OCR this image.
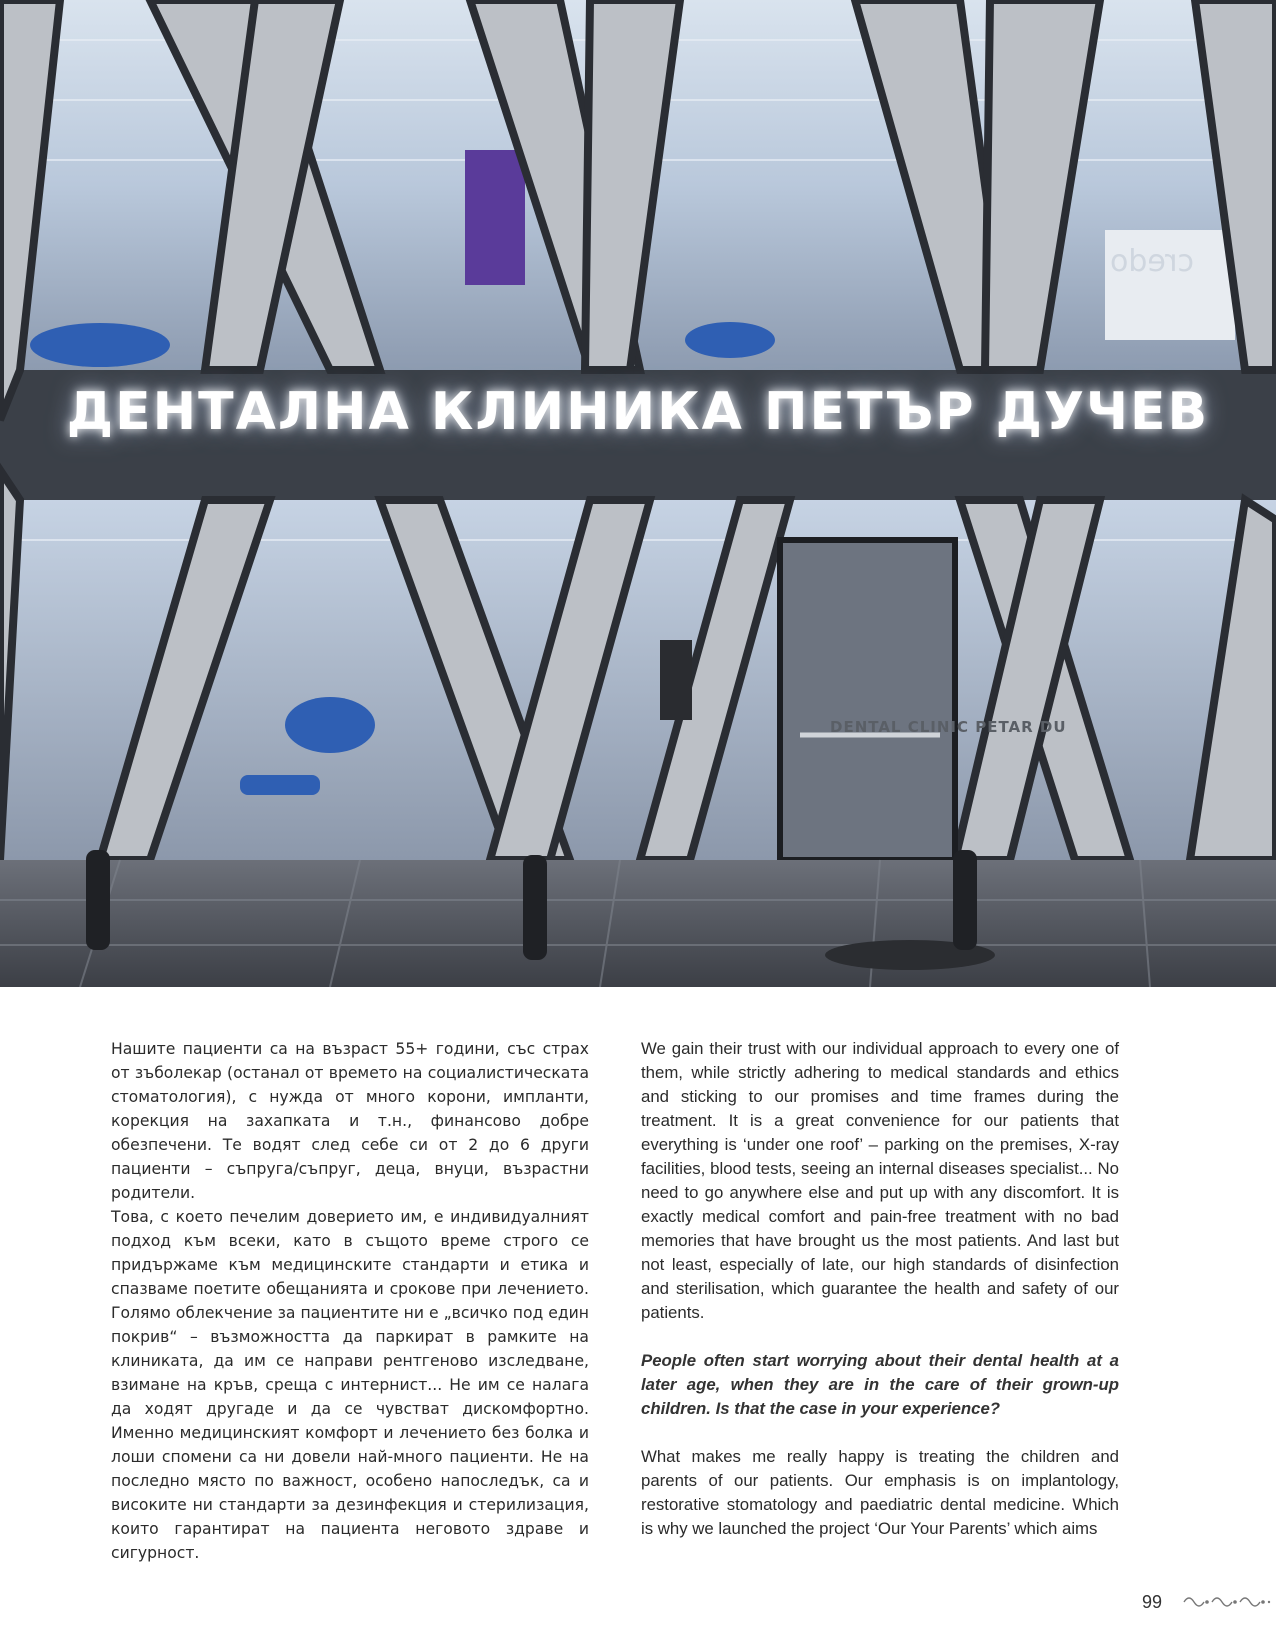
ДЕНТАЛНА КЛИНИКА ПЕТЪР ДУЧЕВ
credo
DENTAL CLINIC PETAR DU

Нашите пациенти са на възраст 55+ години, със страх от зъболекар (останал от времето на социалистическата стоматология), с нужда от много корони, импланти, корекция на захапката и т.н., финансово добре обезпечени. Те водят след себе си от 2 до 6 други пациенти – съпруга/съпруг, деца, внуци, възрастни родители.

Това, с което печелим доверието им, е индивидуалният подход към всеки, като в същото време строго се придържаме към медицинските стандарти и етика и спазваме поетите обещанията и срокове при лечението. Голямо облекчение за пациентите ни е „всичко под един покрив“ – възможността да паркират в рамките на клиниката, да им се направи рентгеново изследване, взимане на кръв, среща с интернист... Не им се налага да ходят другаде и да се чувстват дискомфортно. Именно медицинският комфорт и лечението без болка и лоши спомени са ни довели най-много пациенти. Не на последно място по важност, особено напоследък, са и високите ни стандарти за дезинфекция и стерилизация, които гарантират на пациента неговото здраве и сигурност.

We gain their trust with our individual approach to every one of them, while strictly adhering to medical standards and ethics and sticking to our promises and time frames during the treatment. It is a great convenience for our patients that everything is ‘under one roof’ – parking on the premises, X-ray facilities, blood tests, seeing an internal diseases specialist... No need to go anywhere else and put up with any discomfort. It is exactly medical comfort and pain-free treatment with no bad memories that have brought us the most patients. And last but not least, especially of late, our high standards of disinfection and sterilisation, which guarantee the health and safety of our patients.

People often start worrying about their dental health at a later age, when they are in the care of their grown-up children. Is that the case in your experience?

What makes me really happy is treating the children and parents of our patients. Our emphasis is on implantology, restorative stomatology and paediatric dental medicine. Which is why we launched the project ‘Our Your Parents’ which aims

99
